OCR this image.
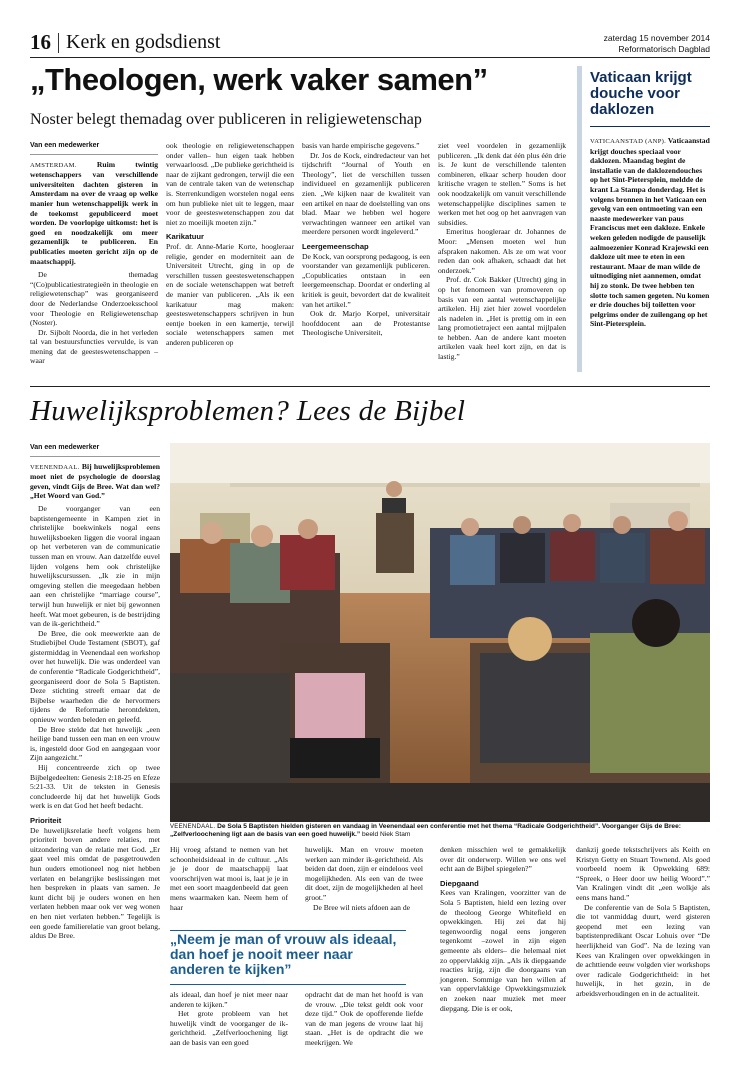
16 Kerk en godsdienst	zaterdag 15 november 2014
Reformatorisch Dagblad
„Theologen, werk vaker samen”
Noster belegt themadag over publiceren in religiewetenschap
Van een medewerker

AMSTERDAM.	Ruim twintig wetenschappers van verschillende universiteiten dachten gisteren in Amsterdam na over de vraag op welke manier hun wetenschappelijk werk in de toekomst gepubliceerd moet worden. De voorlopige uitkomst: het is goed en noodzakelijk om meer gezamenlijk te publiceren. En publicaties moeten gericht zijn op de maatschappij.

De themadag “(Co)publicatiestrategieën in theologie en religiewetenschap” was georganiseerd door de Nederlandse Onderzoeksschool voor Theologie en Religiewetenschap (Noster).

Dr. Sijbolt Noorda, die in het verleden tal van bestuursfuncties vervulde, is van mening dat de geesteswetenschappen –waar

ook theologie en religiewetenschappen onder vallen– hun eigen taak hebben verwaarloosd. „De publieke gerichtheid is naar de zijkant gedrongen, terwijl die een van de centrale taken van de wetenschap is. Sterrenkundigen worstelen nogal eens om hun publieke niet uit te leggen, maar voor de geesteswetenschappen zou dat niet zo moeilijk moeten zijn.”

Karikatuur

Prof. dr. Anne-Marie Korte, hoogleraar religie, gender en moderniteit aan de Universiteit Utrecht, ging in op de verschillen tussen geesteswetenschappen en de sociale wetenschappen wat betreft de manier van publiceren. „Als ik een karikatuur mag maken: geesteswetenschappers schrijven in hun eentje boeken in een kamertje, terwijl sociale wetenschappers samen met anderen publiceren op

basis van harde empirische gegevens.”

Dr. Jos de Kock, eindredacteur van het tijdschrift “Journal of Youth en Theology”, liet de verschillen tussen individueel en gezamenlijk publiceren zien. „We kijken naar de kwaliteit van een artikel en naar de doelstelling van ons blad. Maar we hebben wel hogere verwachtingen wanneer een artikel van meerdere personen wordt ingeleverd.”

Leergemeenschap

De Kock, van oorsprong pedagoog, is een voorstander van gezamenlijk publiceren. „Copublicaties ontstaan in een leergemeenschap. Doordat er onderling al kritiek is geuit, bevordert dat de kwaliteit van het artikel.”

Ook dr. Marjo Korpel, universitair hoofddocent aan de Protestantse Theologische Universiteit,

ziet veel voordelen in gezamenlijk publiceren. „Ik denk dat één plus één drie is. Je kunt de verschillende talenten combineren, elkaar scherp houden door kritische vragen te stellen.” Soms is het ook noodzakelijk om vanuit verschillende wetenschappelijke disciplines samen te werken met het oog op het aanvragen van subsidies.

Emeritus hoogleraar dr. Johannes de Moor: „Mensen moeten wel hun afspraken nakomen. Als ze om wat voor reden dan ook afhaken, schaadt dat het onderzoek.”

Prof. dr. Cok Bakker (Utrecht) ging in op het fenomeen van promoveren op basis van een aantal wetenschappelijke artikelen. Hij ziet hier zowel voordelen als nadelen in. „Het is prettig om in een lang promotietraject een aantal mijlpalen te hebben. Aan de andere kant moeten artikelen vaak heel kort zijn, en dat is lastig.”

Vaticaan krijgt douche voor daklozen
VATICAANSTAD (ANP). Vaticaanstad krijgt douches speciaal voor daklozen. Maandag begint de installatie van de daklozendouches op het Sint-Pietersplein, meldde de krant La Stampa donderdag. Het is volgens bronnen in het Vaticaan een gevolg van een ontmoeting van een naaste medewerker van paus Franciscus met een dakloze. Enkele weken geleden nodigde de pauselijk aalmoezenier Konrad Krajewski een dakloze uit mee te eten in een restaurant. Maar de man wilde de uitnodiging niet aannemen, omdat hij zo stonk. De twee hebben ten slotte toch samen gegeten. Nu komen er drie douches bij toiletten voor pelgrims onder de zuilengang op het Sint-Pietersplein.
Huwelijksproblemen? Lees de Bijbel
Van een medewerker

VEENENDAAL. Bij huwelijksproblemen moet niet de psychologie de doorslag geven, vindt Gijs de Bree. Wat dan wel? „Het Woord van God.”

De voorganger van een baptistengemeente in Kampen ziet in christelijke boekwinkels nogal eens huwelijksboeken liggen die vooral ingaan op het verbeteren van de communicatie tussen man en vrouw. Aan datzelfde euvel lijden volgens hem ook christelijke huwelijkscursussen. „Ik zie in mijn omgeving stellen die meegedaan hebben aan een christelijke “marriage course”, terwijl hun huwelijk er niet bij gewonnen heeft. Wat moet gebeuren, is de bestrijding van de ik-gerichtheid.”

De Bree, die ook meewerkte aan de Studiebijbel Oude Testament (SBOT), gaf gistermiddag in Veenendaal een workshop over het huwelijk. Die was onderdeel van de conferentie “Radicale Godgerichtheid”, georganiseerd door de Sola 5 Baptisten. Deze stichting streeft ernaar dat de Bijbelse waarheden die de hervormers tijdens de Reformatie herontdekten, opnieuw worden beleden en geleefd.

De Bree stelde dat het huwelijk „een heilige band tussen een man en een vrouw is, ingesteld door God en aangegaan voor Zijn aangezicht.”

Hij concentreerde zich op twee Bijbelgedeelten: Genesis 2:18-25 en Efeze 5:21-33. Uit de teksten in Genesis concludeerde hij dat het huwelijk Gods werk is en dat God het heeft bedacht.

Prioriteit

De huwelijksrelatie heeft volgens hem prioriteit boven andere relaties, met uitzondering van de relatie met God. „Er gaat veel mis omdat de pasgetrouwden hun ouders emotioneel nog niet hebben verlaten en belangrijke beslissingen met hen bespreken in plaats van samen. Je kunt dicht bij je ouders wonen en hen verlaten hebben maar ook ver weg wonen en hen niet verlaten hebben.” Tegelijk is een goede familierelatie van groot belang, aldus De Bree.

VEENENDAAL. De Sola 5 Baptisten hielden gisteren en vandaag in Veenendaal een conferentie met het thema “Radicale Godgerichtheid”. Voorganger Gijs de Bree: „Zelfverloochening ligt aan de basis van een goed huwelijk.” beeld Niek Stam

Hij vroeg afstand te nemen van het schoonheidsideaal in de cultuur. „Als je je door de maatschappij laat voorschrijven wat mooi is, laat je je in met een soort maagdenbeeld dat geen mens waarmaken kan. Neem hem of haar

„Neem je man of vrouw als ideaal, dan hoef je nooit meer naar anderen te kijken”

als ideaal, dan hoef je niet meer naar anderen te kijken.”

Het grote probleem van het huwelijk vindt de voorganger de ik-gerichtheid. „Zelfverloochening ligt aan de basis van een goed

huwelijk. Man en vrouw moeten werken aan minder ik-gerichtheid. Als beiden dat doen, zijn er eindeloos veel mogelijkheden. Als een van de twee dit doet, zijn de mogelijkheden al heel groot.”

De Bree wil niets afdoen aan de

opdracht dat de man het hoofd is van de vrouw. „Die tekst geldt ook voor deze tijd.” Ook de opofferende liefde van de man jegens de vrouw laat hij staan. „Het is de opdracht die we meekrijgen. We

denken misschien wel te gemakkelijk over dit onderwerp. Willen we ons wel echt aan de Bijbel spiegelen?”

Diepgaand

Kees van Kralingen, voorzitter van de Sola 5 Baptisten, hield een lezing over de theoloog George Whitefield en opwekkingen. Hij zei dat hij tegenwoordig nogal eens jongeren tegenkomt –zowel in zijn eigen gemeente als elders– die helemaal niet zo oppervlakkig zijn. „Als ik diepgaande reacties krijg, zijn die doorgaans van jongeren. Sommige van hen willen af van oppervlakkige Opwekkingsmuziek en zoeken naar muziek met meer diepgang. Die is er ook,

dankzij goede tekstschrijvers als Keith en Kristyn Getty en Stuart Townend. Als goed voorbeeld noem ik Opwekking 689: “Spreek, o Heer door uw heilig Woord”.” Van Kralingen vindt dit „een wolkje als eens mans hand.”

De conferentie van de Sola 5 Baptisten, die tot vanmiddag duurt, werd gisteren geopend met een lezing van baptistenpredikant Oscar Lohuis over “De heerlijkheid van God”. Na de lezing van Kees van Kralingen over opwekkingen in de achttiende eeuw volgden vier workshops over radicale Godgerichtheid: in het huwelijk, in het gezin, in de arbeidsverhoudingen en in de actualiteit.
